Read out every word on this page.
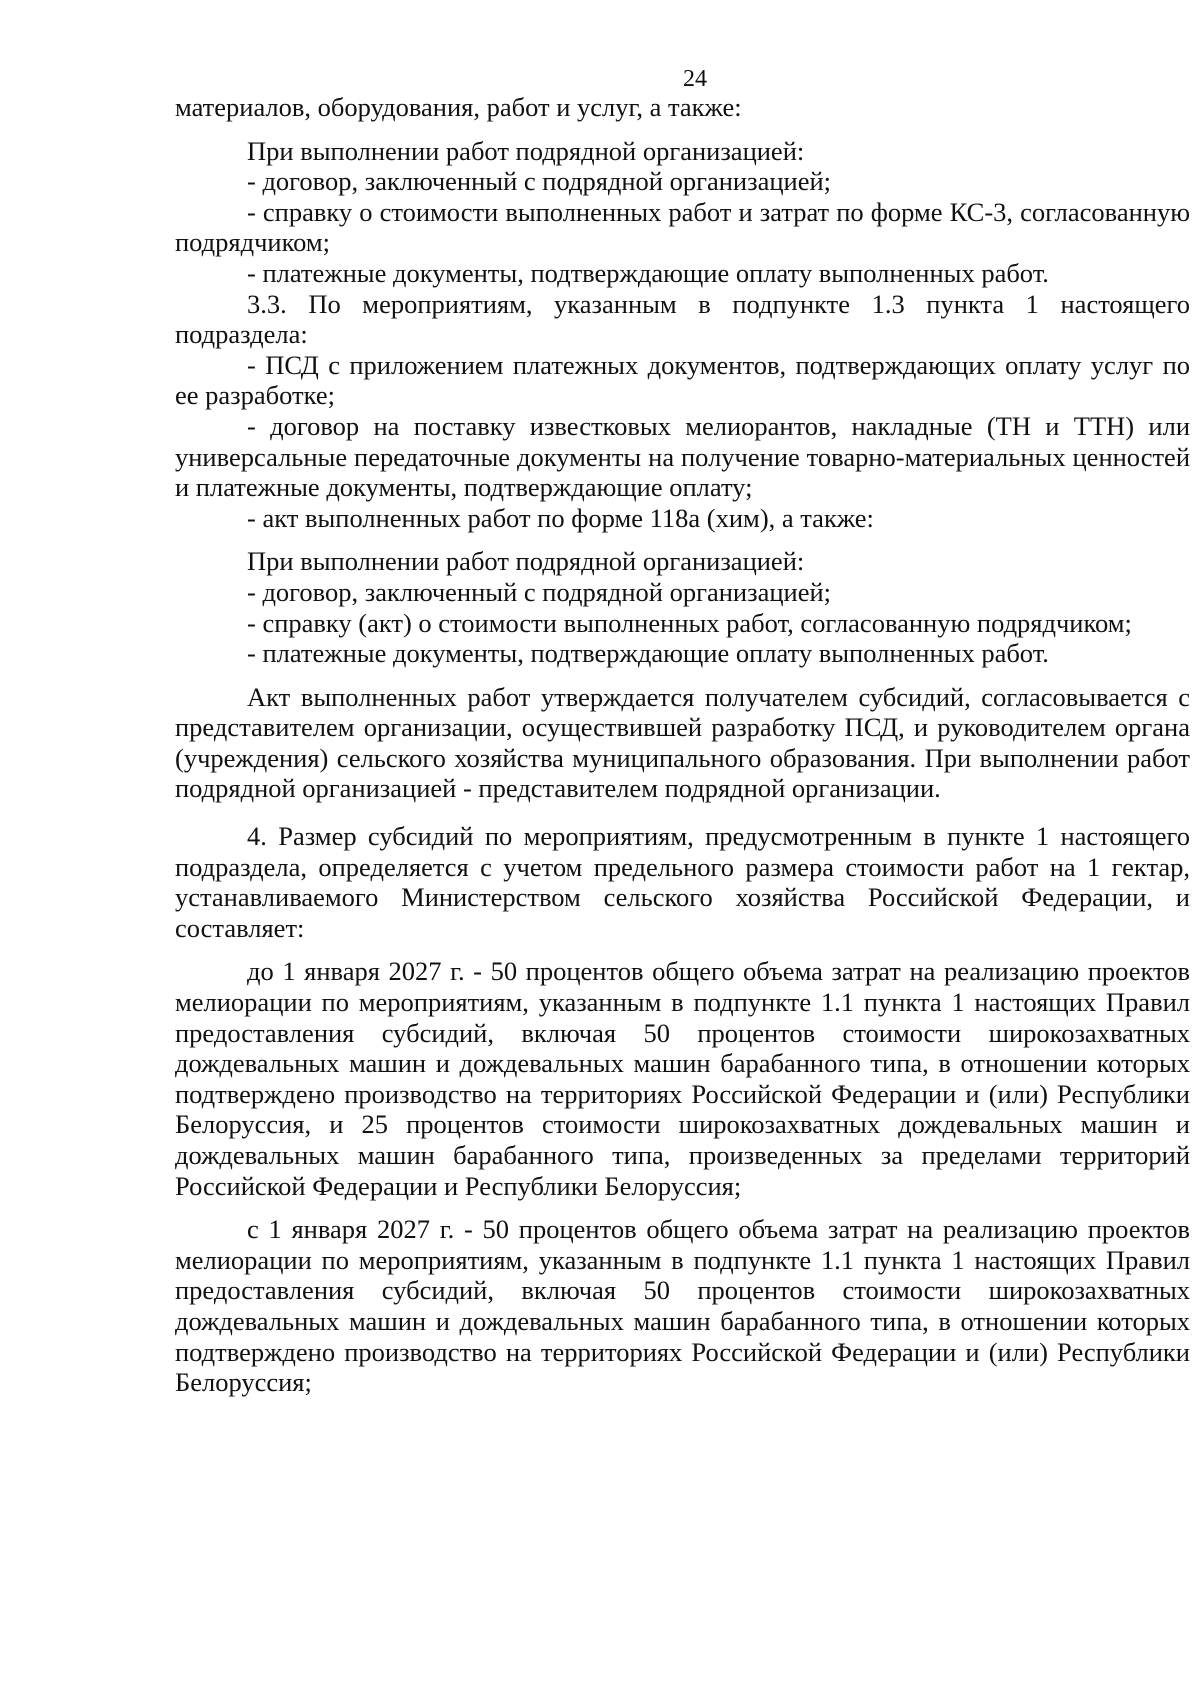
24

материалов, оборудования, работ и услуг, а также:

При выполнении работ подрядной организацией:

- договор, заключенный с подрядной организацией;

- справку о стоимости выполненных работ и затрат по форме КС-3, согласованную подрядчиком;

- платежные документы, подтверждающие оплату выполненных работ.

3.3. По мероприятиям, указанным в подпункте 1.3 пункта 1 настоящего подраздела:

- ПСД с приложением платежных документов, подтверждающих оплату услуг по ее разработке;

- договор на поставку известковых мелиорантов, накладные (ТН и ТТН) или универсальные передаточные документы на получение товарно-материальных ценностей и платежные документы, подтверждающие оплату;

- акт выполненных работ по форме 118а (хим), а также:

При выполнении работ подрядной организацией:

- договор, заключенный с подрядной организацией;

- справку (акт) о стоимости выполненных работ, согласованную подрядчиком;

- платежные документы, подтверждающие оплату выполненных работ.

Акт выполненных работ утверждается получателем субсидий, согласовывается с представителем организации, осуществившей разработку ПСД, и руководителем органа (учреждения) сельского хозяйства муниципального образования. При выполнении работ подрядной организацией - представителем подрядной организации.

4. Размер субсидий по мероприятиям, предусмотренным в пункте 1 настоящего подраздела, определяется с учетом предельного размера стоимости работ на 1 гектар, устанавливаемого Министерством сельского хозяйства Российской Федерации, и составляет:

до 1 января 2027 г. - 50 процентов общего объема затрат на реализацию проектов мелиорации по мероприятиям, указанным в подпункте 1.1 пункта 1 настоящих Правил предоставления субсидий, включая 50 процентов стоимости широкозахватных дождевальных машин и дождевальных машин барабанного типа, в отношении которых подтверждено производство на территориях Российской Федерации и (или) Республики Белоруссия, и 25 процентов стоимости широкозахватных дождевальных машин и дождевальных машин барабанного типа, произведенных за пределами территорий Российской Федерации и Республики Белоруссия;

с 1 января 2027 г. - 50 процентов общего объема затрат на реализацию проектов мелиорации по мероприятиям, указанным в подпункте 1.1 пункта 1 настоящих Правил предоставления субсидий, включая 50 процентов стоимости широкозахватных дождевальных машин и дождевальных машин барабанного типа, в отношении которых подтверждено производство на территориях Российской Федерации и (или) Республики Белоруссия;
